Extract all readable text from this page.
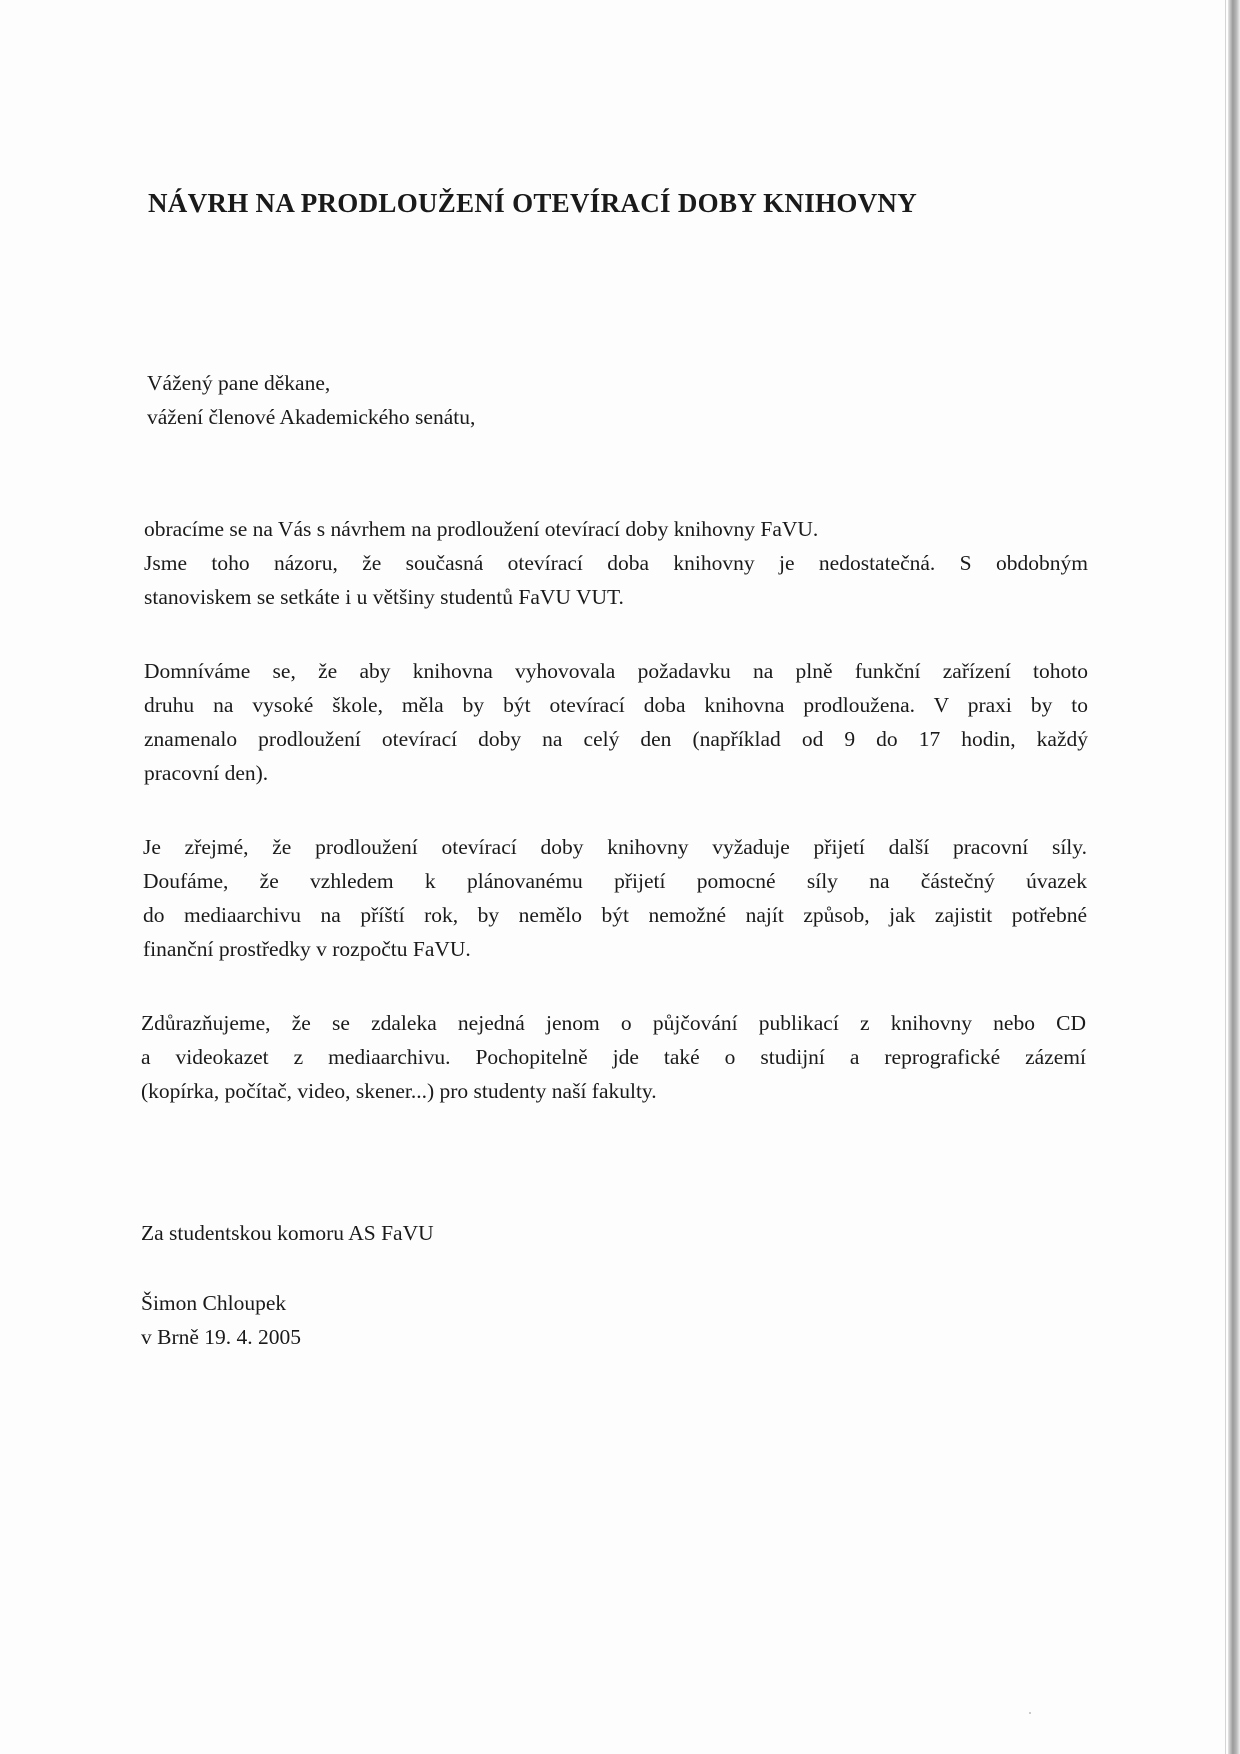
NÁVRH NA PRODLOUŽENÍ OTEVÍRACÍ DOBY KNIHOVNY
Vážený pane děkane,
vážení členové Akademického senátu,
obracíme se na Vás s návrhem na prodloužení otevírací doby knihovny FaVU.
Jsme toho názoru, že současná otevírací doba knihovny je nedostatečná. S obdobným
stanoviskem se setkáte i u většiny studentů FaVU VUT.
Domníváme se, že aby knihovna vyhovovala požadavku na plně funkční zařízení tohoto
druhu na vysoké škole, měla by být otevírací doba knihovna prodloužena. V praxi by to
znamenalo prodloužení otevírací doby na celý den (například od 9 do 17 hodin, každý
pracovní den).
Je zřejmé, že prodloužení otevírací doby knihovny vyžaduje přijetí další pracovní síly.
Doufáme, že vzhledem k plánovanému přijetí pomocné síly na částečný úvazek
do mediaarchivu na příští rok, by nemělo být nemožné najít způsob, jak zajistit potřebné
finanční prostředky v rozpočtu FaVU.
Zdůrazňujeme, že se zdaleka nejedná jenom o půjčování publikací z knihovny nebo CD
a videokazet z mediaarchivu. Pochopitelně jde také o studijní a reprografické zázemí
(kopírka, počítač, video, skener...) pro studenty naší fakulty.
Za studentskou komoru AS FaVU
Šimon Chloupek
v Brně 19. 4. 2005
